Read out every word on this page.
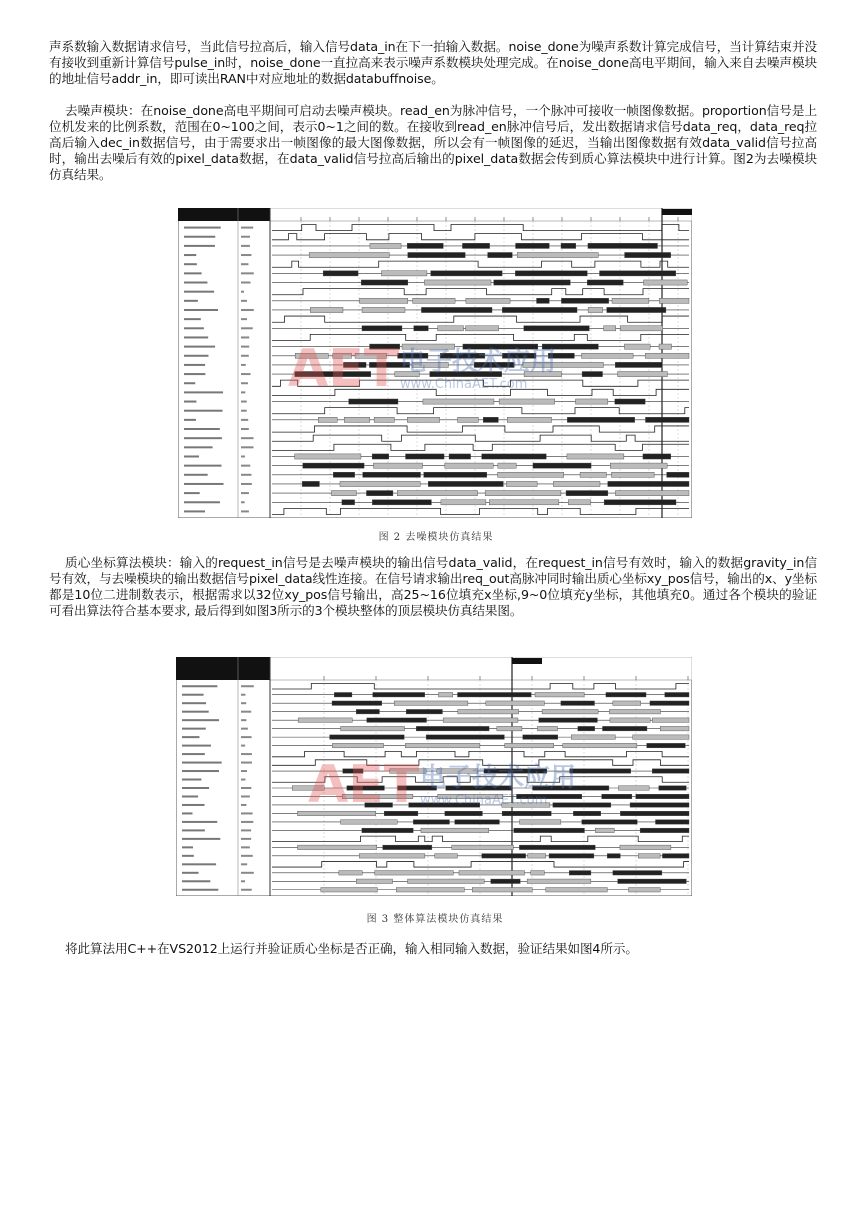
声系数输入数据请求信号，当此信号拉高后，输入信号data_in在下一拍输入数据。noise_done为噪声系数计算完成信号，当计算结束并没有接收到重新计算信号pulse_in时，noise_done一直拉高来表示噪声系数模块处理完成。在noise_done高电平期间，输入来自去噪声模块的地址信号addr_in，即可读出RAN中对应地址的数据databuffnoise。

去噪声模块：在noise_done高电平期间可启动去噪声模块。read_en为脉冲信号，一个脉冲可接收一帧图像数据。proportion信号是上位机发来的比例系数，范围在0~100之间，表示0~1之间的数。在接收到read_en脉冲信号后，发出数据请求信号data_req，data_req拉高后输入dec_in数据信号，由于需要求出一帧图像的最大图像数据，所以会有一帧图像的延迟，当输出图像数据有效data_valid信号拉高时，输出去噪后有效的pixel_data数据，在data_valid信号拉高后输出的pixel_data数据会传到质心算法模块中进行计算。图2为去噪模块仿真结果。

AET 电子技术应用
www.ChinaAET.com
图 2 去噪模块仿真结果

质心坐标算法模块：输入的request_in信号是去噪声模块的输出信号data_valid，在request_in信号有效时，输入的数据gravity_in信号有效，与去噪模块的输出数据信号pixel_data线性连接。在信号请求输出req_out高脉冲同时输出质心坐标xy_pos信号，输出的x、y坐标都是10位二进制数表示，根据需求以32位xy_pos信号输出，高25~16位填充x坐标,9~0位填充y坐标，其他填充0。通过各个模块的验证可看出算法符合基本要求, 最后得到如图3所示的3个模块整体的顶层模块仿真结果图。

AET 电子技术应用
www.ChinaAET.com
图 3 整体算法模块仿真结果

将此算法用C++在VS2012上运行并验证质心坐标是否正确，输入相同输入数据，验证结果如图4所示。
